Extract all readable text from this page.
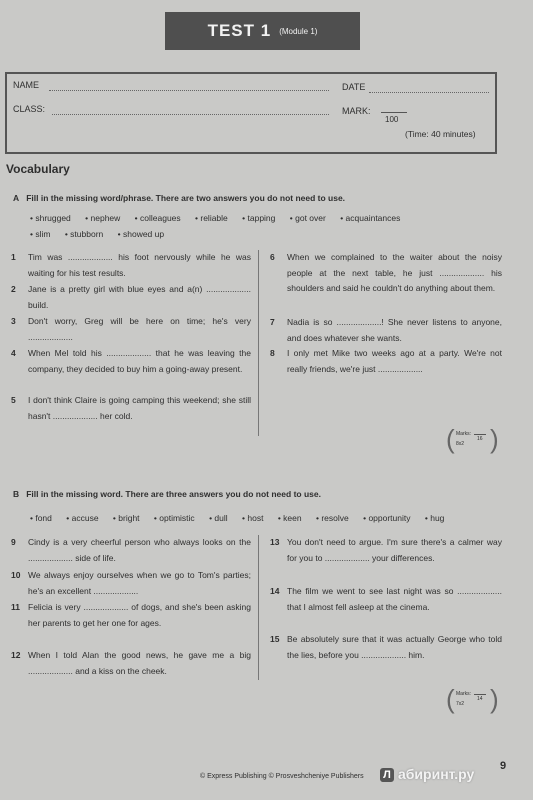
TEST 1 (Module 1)
NAME
CLASS:
DATE
MARK:
100
(Time: 40 minutes)
Vocabulary
A Fill in the missing word/phrase. There are two answers you do not need to use.
• shrugged • nephew • colleagues • reliable • tapping • got over • acquaintances
• slim • stubborn • showed up
1 Tim was ................... his foot nervously while he was waiting for his test results.
2 Jane is a pretty girl with blue eyes and a(n) ................... build.
3 Don't worry, Greg will be here on time; he's very ...................
4 When Mel told his ................... that he was leaving the company, they decided to buy him a going-away present.
5 I don't think Claire is going camping this weekend; she still hasn't ................... her cold.
6 When we complained to the waiter about the noisy people at the next table, he just ................... his shoulders and said he couldn't do anything about them.
7 Nadia is so ...................! She never listens to anyone, and does whatever she wants.
8 I only met Mike two weeks ago at a party. We're not really friends, we're just ...................
( Marks:
8x2
16 )
B Fill in the missing word. There are three answers you do not need to use.
• fond • accuse • bright • optimistic • dull • host • keen • resolve • opportunity • hug
9 Cindy is a very cheerful person who always looks on the ................... side of life.
10 We always enjoy ourselves when we go to Tom's parties; he's an excellent ...................
11 Felicia is very ................... of dogs, and she's been asking her parents to get her one for ages.
12 When I told Alan the good news, he gave me a big ................... and a kiss on the cheek.
13 You don't need to argue. I'm sure there's a calmer way for you to ................... your differences.
14 The film we went to see last night was so ................... that I almost fell asleep at the cinema.
15 Be absolutely sure that it was actually George who told the lies, before you ................... him.
( Marks:
7x2
14 )
9
© Express Publishing © Prosveshcheniye Publishers Л абиринт.ру
